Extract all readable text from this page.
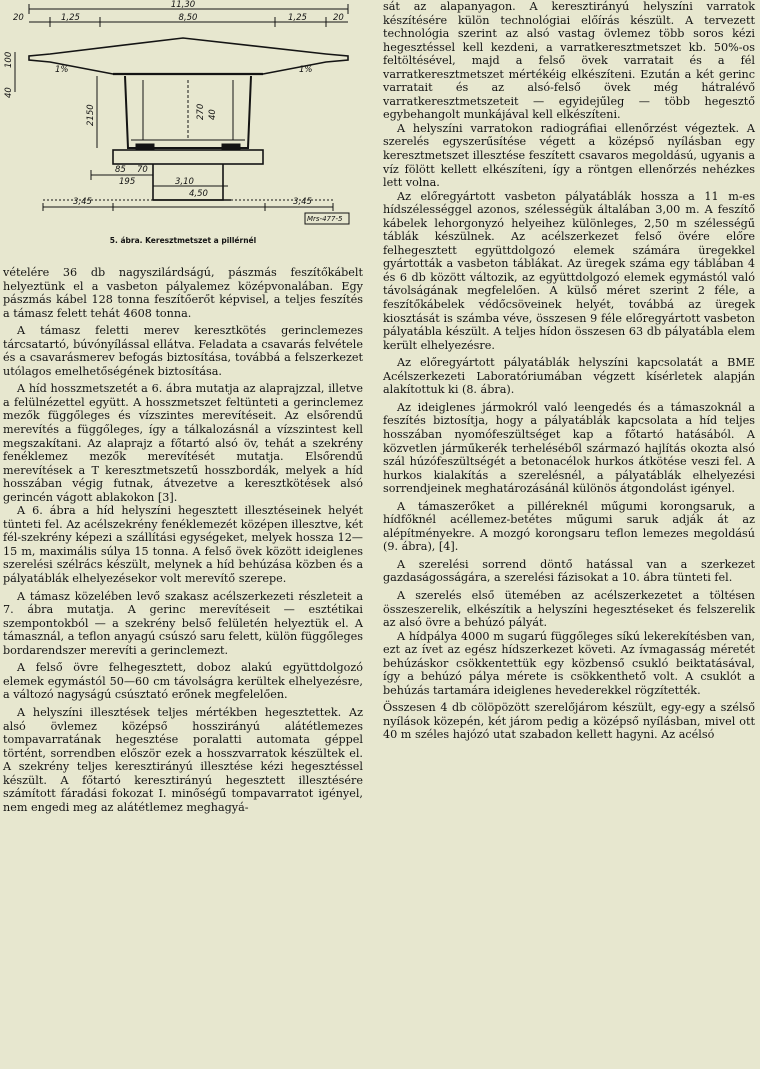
11,30
20	1,25	8,50	1,25	20
100
40
1%	1%
2150	270 40
85 70
195	3,10
4,50
3,45	3,45
Mrs-477-5
5. ábra. Keresztmetszet a pillérnél

vételére 36 db nagyszilárdságú, pászmás feszítőkábelt helyeztünk el a vasbeton pályalemez középvonalában. Egy pászmás kábel 128 tonna feszítőerőt képvisel, a teljes feszítés a támasz felett tehát 4608 tonna.

A támasz feletti merev keresztkötés gerinclemezes tárcsatartó, búvónyílással ellátva. Feladata a csavarás felvétele és a csavarásmerev befogás biztosítása, továbbá a felszerkezet utólagos emelhetőségének biztosítása.

A híd hosszmetszetét a 6. ábra mutatja az alaprajzzal, illetve a felülnézettel együtt. A hosszmetszet feltünteti a gerinclemez mezők függőleges és vízszintes merevítéseit. Az elsőrendű merevítés a függőleges, így a tálkalozásnál a vízszintest kell megszakítani. Az alaprajz a főtartó alsó öv, tehát a szekrény fenéklemez mezők merevítését mutatja. Elsőrendű merevítések a T keresztmetszetű hosszbordák, melyek a híd hosszában végig futnak, átvezetve a keresztkötések alsó gerincén vágott ablakokon [3].

A 6. ábra a híd helyszíni hegesztett illesztéseinek helyét tünteti fel. Az acélszekrény fenéklemezét középen illesztve, két fél-szekrény képezi a szállítási egységeket, melyek hossza 12—15 m, maximális súlya 15 tonna. A felső övek között ideiglenes szerelési szélrács készült, melynek a híd behúzása közben és a pályatáblák elhelyezésekor volt merevítő szerepe.

A támasz közelében levő szakasz acélszerkezeti részleteit a 7. ábra mutatja. A gerinc merevítéseit — esztétikai szempontokból — a szekrény belső felületén helyeztük el. A támasznál, a teflon anyagú csúszó saru felett, külön függőleges bordarendszer merevíti a gerinclemezt.

A felső övre felhegesztett, doboz alakú együttdolgozó elemek egymástól 50—60 cm távolságra kerültek elhelyezésre, a változó nagyságú csúsztató erőnek megfelelően.

A helyszíni illesztések teljes mértékben hegesztettek. Az alsó övlemez középső hosszirányú alátétlemezes tompavarratának hegesztése poralatti automata géppel történt, sorrendben először ezek a hosszvarratok készültek el. A szekrény teljes keresztirányú illesztése kézi hegesztéssel készült. A főtartó keresztirányú hegesztett illesztésére számított fáradási fokozat I. minőségű tompavarratot igényel, nem engedi meg az alátétlemez meghagyá-

sát az alapanyagon. A keresztirányú helyszíni varratok készítésére külön technológiai előírás készült. A tervezett technológia szerint az alsó vastag övlemez több soros kézi hegesztéssel kell kezdeni, a varratkeresztmetszet kb. 50%-os feltöltésével, majd a felső övek varratait és a fél varratkeresztmetszet mértékéig elkészíteni. Ezután a két gerinc varratait és az alsó-felső övek még hátralévő varratkeresztmetszeteit — egyidejűleg — több hegesztő egybehangolt munkájával kell elkészíteni.

A helyszíni varratokon radiográfiai ellenőrzést végeztek. A szerelés egyszerűsítése végett a középső nyílásban egy keresztmetszet illesztése feszített csavaros megoldású, ugyanis a víz fölött kellett elkészíteni, így a röntgen ellenőrzés nehézkes lett volna.

Az előregyártott vasbeton pályatáblák hossza a 11 m-es hídszélességgel azonos, szélességük általában 3,00 m. A feszítő kábelek lehorgonyzó helyeihez különleges, 2,50 m szélességű táblák készülnek. Az acélszerkezet felső övére előre felhegesztett együttdolgozó elemek számára üregekkel gyártották a vasbeton táblákat. Az üregek száma egy táblában 4 és 6 db között változik, az együttdolgozó elemek egymástól való távolságának megfelelően. A külső méret szerint 2 féle, a feszítőkábelek védőcsöveinek helyét, továbbá az üregek kiosztását is számba véve, összesen 9 féle előregyártott vasbeton pályatábla készült. A teljes hídon összesen 63 db pályatábla elem került elhelyezésre.

Az előregyártott pályatáblák helyszíni kapcsolatát a BME Acélszerkezeti Laboratóriumában végzett kísérletek alapján alakítottuk ki (8. ábra).

Az ideiglenes jármokról való leengedés és a támaszoknál a feszítés biztosítja, hogy a pályatáblák kapcsolata a híd teljes hosszában nyomófeszültséget kap a főtartó hatásából. A közvetlen járműkerék terheléséből származó hajlítás okozta alsó szál húzófeszültségét a betonacélok hurkos átkötése veszi fel. A hurkos kialakítás a szerelésnél, a pályatáblák elhelyezési sorrendjeinek meghatározásánál különös átgondolást igényel.

A támaszerőket a pilléreknél műgumi korongsaruk, a hídfőknél acéllemez-betétes műgumi saruk adják át az alépítményekre. A mozgó korongsaru teflon lemezes megoldású (9. ábra), [4].

A szerelési sorrend döntő hatással van a szerkezet gazdaságosságára, a szerelési fázisokat a 10. ábra tünteti fel.

A szerelés első ütemében az acélszerkezetet a töltésen összeszerelik, elkészítik a helyszíni hegesztéseket és felszerelik az alsó övre a behúzó pályát.

A hídpálya 4000 m sugarú függőleges síkú lekerekítésben van, ezt az ívet az egész hídszerkezet követi. Az ívmagasság méretét behúzáskor csökkentettük egy közbenső csukló beiktatásával, így a behúzó pálya mérete is csökkenthető volt. A csuklót a behúzás tartamára ideiglenes hevederekkel rögzítették.

Összesen 4 db cölöpözött szerelőjárom készült, egy-egy a szélső nyílások közepén, két járom pedig a középső nyílásban, mivel ott 40 m széles hajózó utat szabadon kellett hagyni. Az acélsó
